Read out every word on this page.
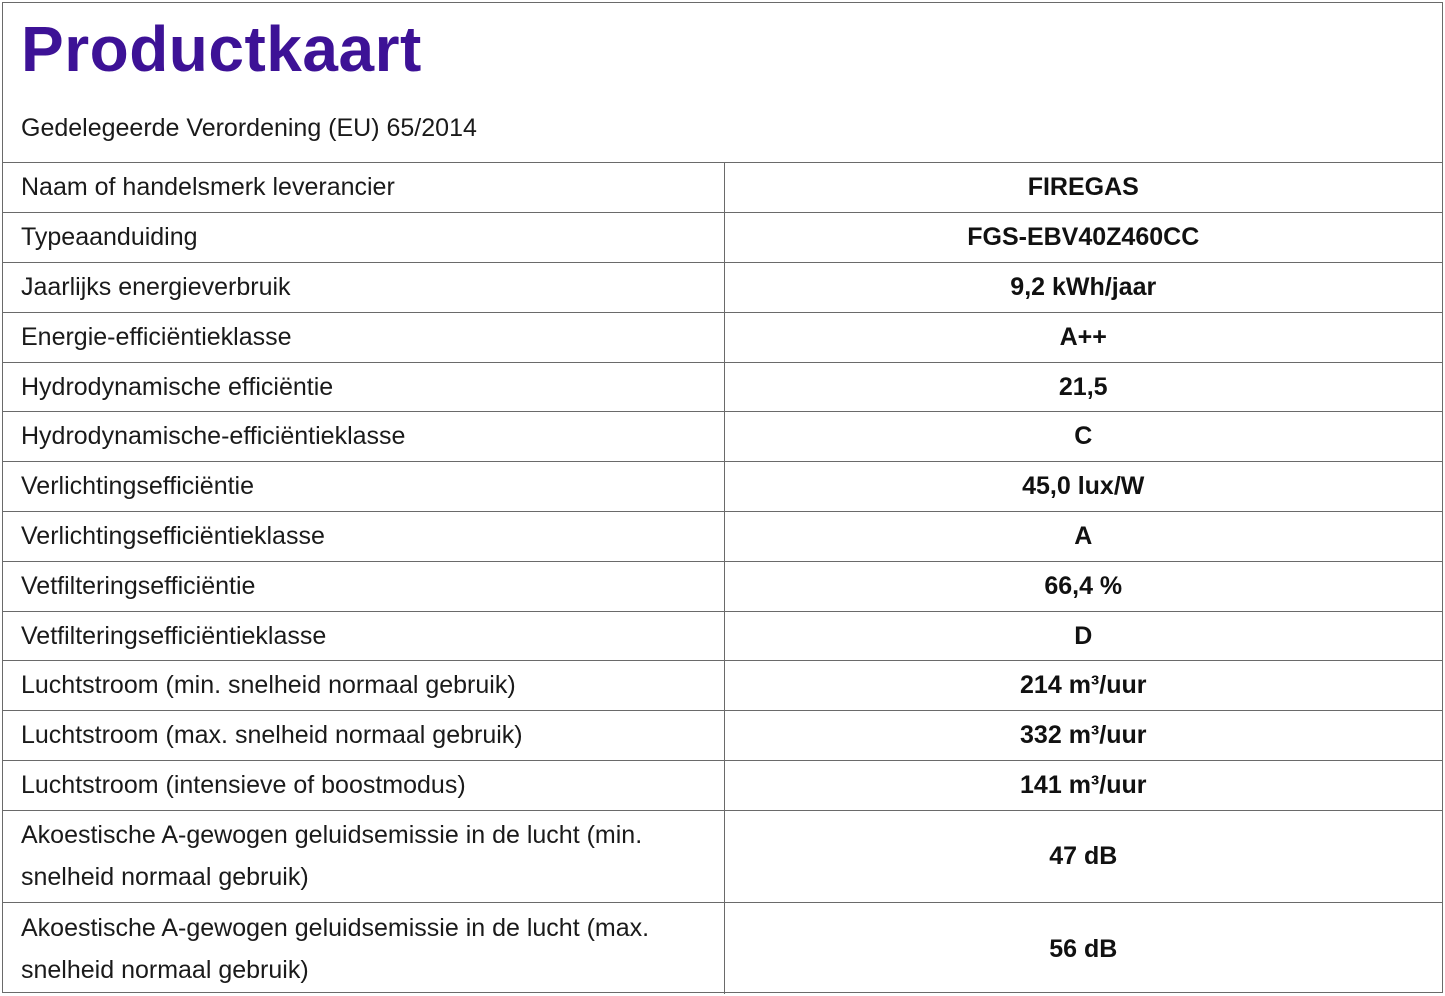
Productkaart
Gedelegeerde Verordening (EU) 65/2014
Naam of handelsmerk leverancier	FIREGAS
Typeaanduiding	FGS-EBV40Z460CC
Jaarlijks energieverbruik	9,2 kWh/jaar
Energie-efficiëntieklasse	A++
Hydrodynamische efficiëntie	21,5
Hydrodynamische-efficiëntieklasse	C
Verlichtingsefficiëntie	45,0 lux/W
Verlichtingsefficiëntieklasse	A
Vetfilteringsefficiëntie	66,4 %
Vetfilteringsefficiëntieklasse	D
Luchtstroom (min. snelheid normaal gebruik)	214 m³/uur
Luchtstroom (max. snelheid normaal gebruik)	332 m³/uur
Luchtstroom (intensieve of boostmodus)	141 m³/uur
Akoestische A-gewogen geluidsemissie in de lucht (min. snelheid normaal gebruik)	47 dB
Akoestische A-gewogen geluidsemissie in de lucht (max. snelheid normaal gebruik)	56 dB
